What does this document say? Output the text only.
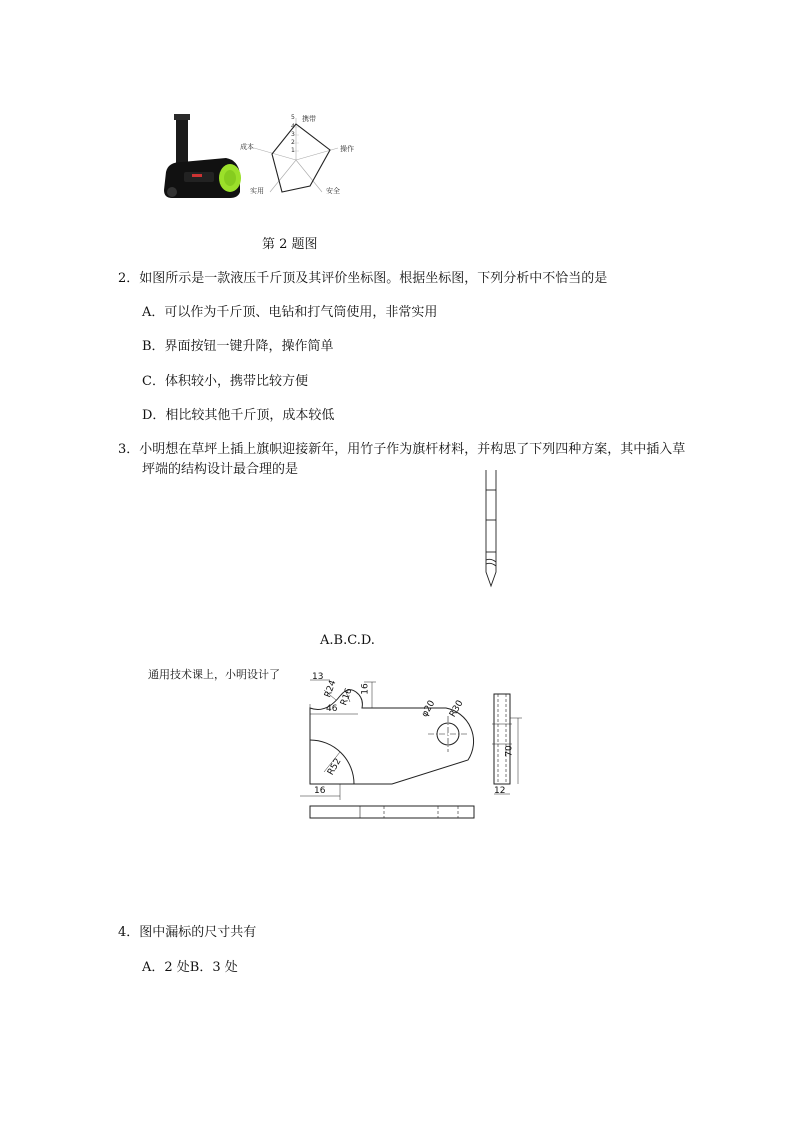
携带
操作
安全
实用
成本
5
4
3
2
1
第 2 题图
2．如图所示是一款液压千斤顶及其评价坐标图。根据坐标图，下列分析中不恰当的是
A．可以作为千斤顶、电钻和打气筒使用，非常实用
B．界面按钮一键升降，操作简单
C．体积较小，携带比较方便
D．相比较其他千斤顶，成本较低
3．小明想在草坪上插上旗帜迎接新年，用竹子作为旗杆材料，并构思了下列四种方案，其中插入草
坪端的结构设计最合理的是
A.B.C.D.
通用技术课上，小明设计了	13
R24 R16 16
46	φ20 R30
R52
16
70
12
4．图中漏标的尺寸共有
A．2 处B．3 处
